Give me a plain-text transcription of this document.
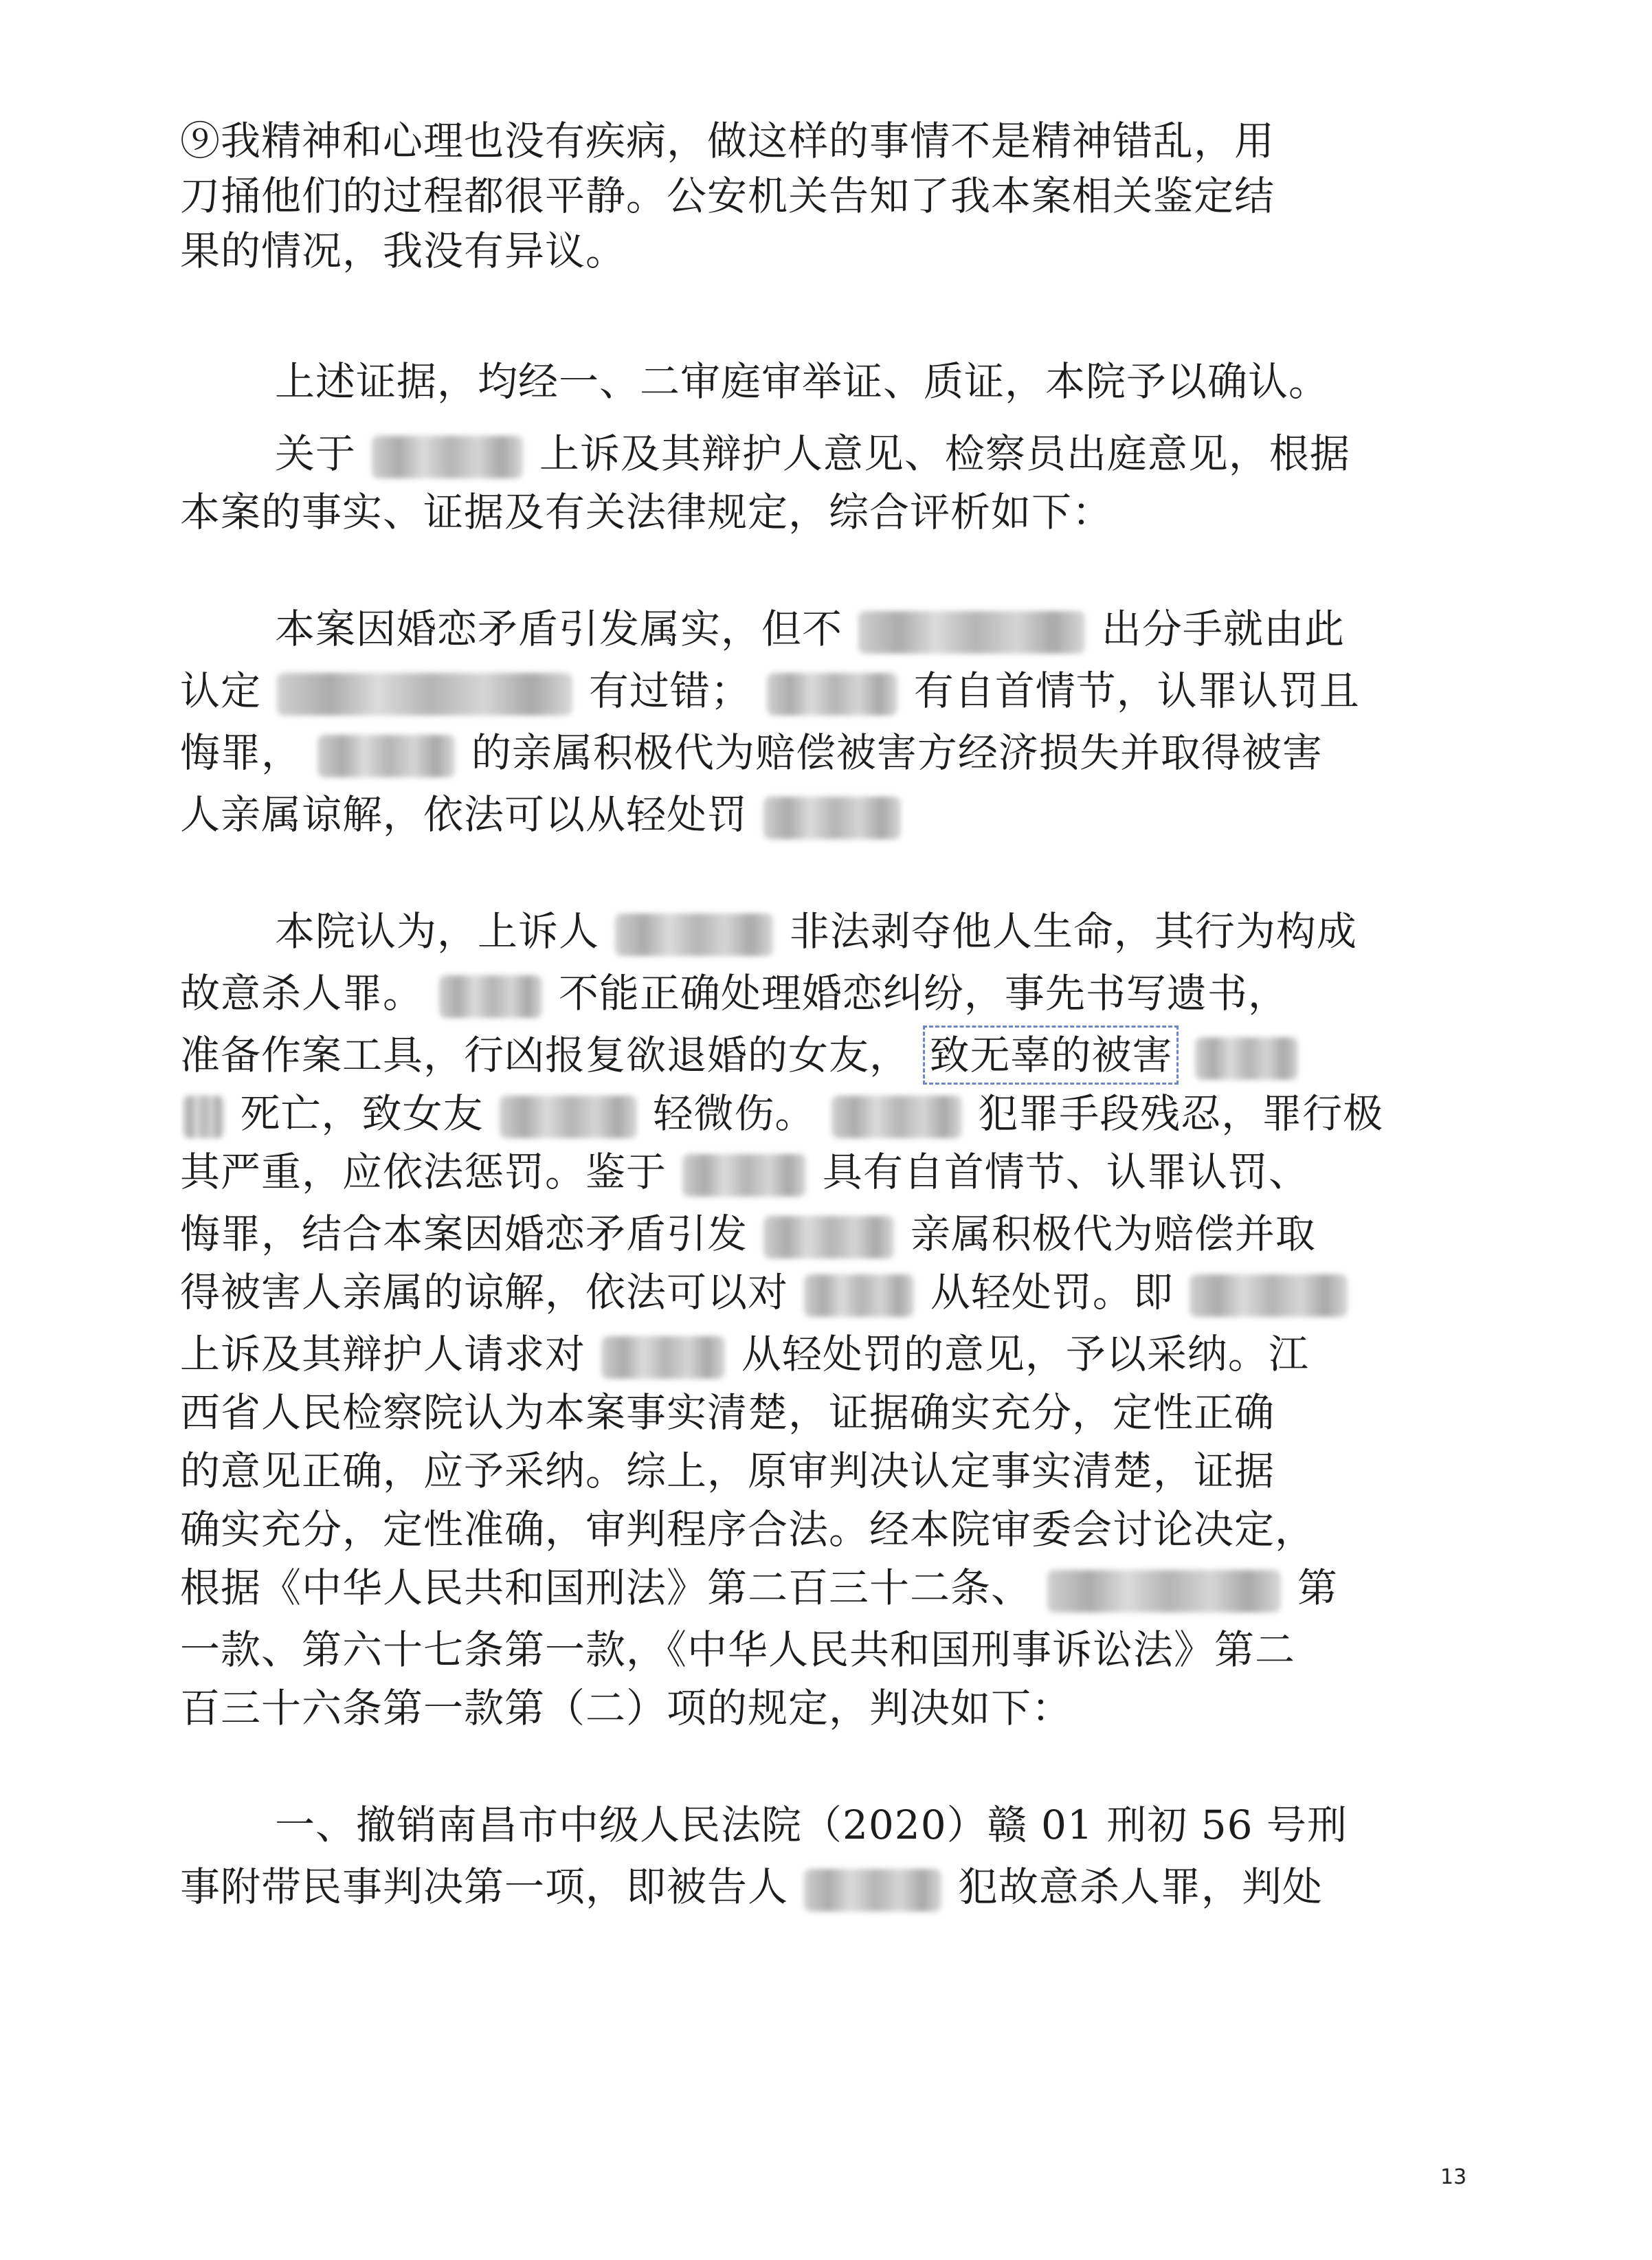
⑨我精神和心理也没有疾病，做这样的事情不是精神错乱，用
刀捅他们的过程都很平静。公安机关告知了我本案相关鉴定结
果的情况，我没有异议。
上述证据，均经一、二审庭审举证、质证，本院予以确认。
关于	上诉及其辩护人意见、检察员出庭意见，根据
本案的事实、证据及有关法律规定，综合评析如下：
本案因婚恋矛盾引发属实，但不	出分手就由此
认定	有过错；	有自首情节，认罪认罚且
悔罪，	的亲属积极代为赔偿被害方经济损失并取得被害
人亲属谅解，依法可以从轻处罚
本院认为，上诉人	非法剥夺他人生命，其行为构成
故意杀人罪。	不能正确处理婚恋纠纷，事先书写遗书，
准备作案工具，行凶报复欲退婚的女友， 致无辜的被害
死亡，致女友	轻微伤。	犯罪手段残忍，罪行极
其严重，应依法惩罚。鉴于	具有自首情节、认罪认罚、
悔罪，结合本案因婚恋矛盾引发	亲属积极代为赔偿并取
得被害人亲属的谅解，依法可以对	从轻处罚。即
上诉及其辩护人请求对	从轻处罚的意见，予以采纳。江
西省人民检察院认为本案事实清楚，证据确实充分，定性正确
的意见正确，应予采纳。综上，原审判决认定事实清楚，证据
确实充分，定性准确，审判程序合法。经本院审委会讨论决定，
根据《中华人民共和国刑法》第二百三十二条、	第
一款、第六十七条第一款，《中华人民共和国刑事诉讼法》第二
百三十六条第一款第（二）项的规定，判决如下：
一、撤销南昌市中级人民法院（2020）赣 01 刑初 56 号刑
事附带民事判决第一项，即被告人	犯故意杀人罪，判处
13
